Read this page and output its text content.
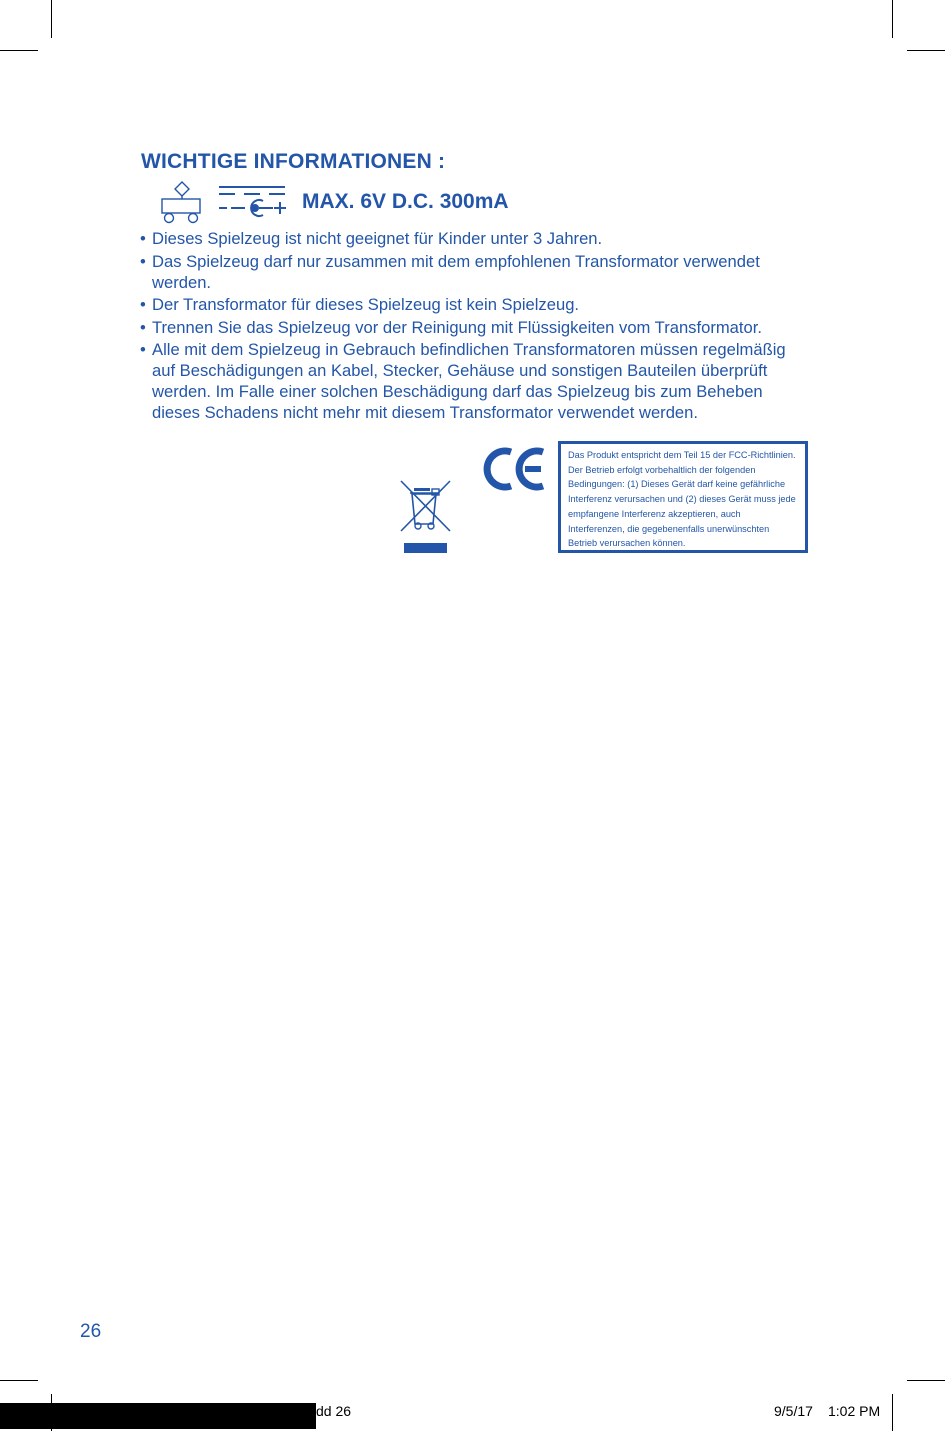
WICHTIGE INFORMATIONEN :
MAX. 6V D.C. 300mA
• Dieses Spielzeug ist nicht geeignet für Kinder unter 3 Jahren.
• Das Spielzeug darf nur zusammen mit dem empfohlenen Transformator verwendet werden.
• Der Transformator für dieses Spielzeug ist kein Spielzeug.
• Trennen Sie das Spielzeug vor der Reinigung mit Flüssigkeiten vom Transformator.
• Alle mit dem Spielzeug in Gebrauch befindlichen Transformatoren müssen regelmäßig auf Beschädigungen an Kabel, Stecker, Gehäuse und sonstigen Bauteilen überprüft werden. Im Falle einer solchen Beschädigung darf das Spielzeug bis zum Beheben dieses Schadens nicht mehr mit diesem Transformator verwendet werden.
Das Produkt entspricht dem Teil 15 der FCC-Richtlinien. Der Betrieb erfolgt vorbehaltlich der folgenden Bedingungen: (1) Dieses Gerät darf keine gefährliche Interferenz verursachen und (2) dieses Gerät muss jede empfangene Interferenz akzeptieren, auch Interferenzen, die gegebenenfalls unerwünschten Betrieb verursachen können.
26
dd 26	9/5/17 1:02 PM
